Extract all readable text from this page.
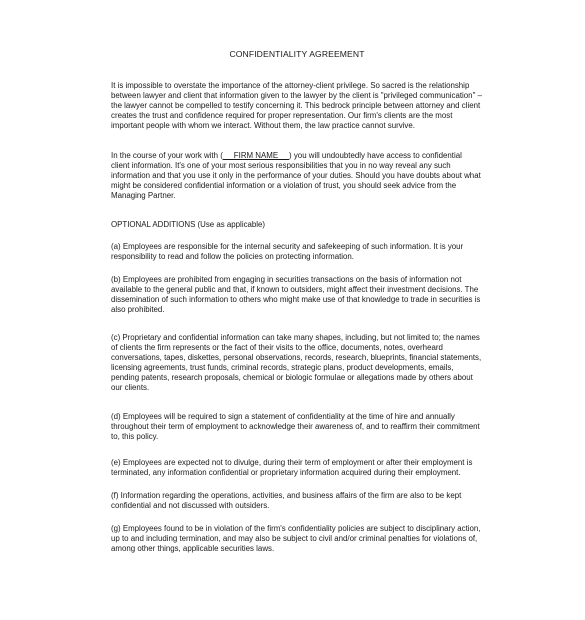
CONFIDENTIALITY AGREEMENT

It is impossible to overstate the importance of the attorney-client privilege. So sacred is the relationship
between lawyer and client that information given to the lawyer by the client is "privileged communication" –
the lawyer cannot be compelled to testify concerning it. This bedrock principle between attorney and client
creates the trust and confidence required for proper representation. Our firm's clients are the most
important people with whom we interact. Without them, the law practice cannot survive.

In the course of your work with (     FIRM NAME     ) you will undoubtedly have access to confidential
client information. It's one of your most serious responsibilities that you in no way reveal any such
information and that you use it only in the performance of your duties. Should you have doubts about what
might be considered confidential information or a violation of trust, you should seek advice from the
Managing Partner.

OPTIONAL ADDITIONS (Use as applicable)

(a) Employees are responsible for the internal security and safekeeping of such information. It is your
responsibility to read and follow the policies on protecting information.

(b) Employees are prohibited from engaging in securities transactions on the basis of information not
available to the general public and that, if known to outsiders, might affect their investment decisions. The
dissemination of such information to others who might make use of that knowledge to trade in securities is
also prohibited.

(c) Proprietary and confidential information can take many shapes, including, but not limited to; the names
of clients the firm represents or the fact of their visits to the office, documents, notes, overheard
conversations, tapes, diskettes, personal observations, records, research, blueprints, financial statements,
licensing agreements, trust funds, criminal records, strategic plans, product developments, emails,
pending patents, research proposals, chemical or biologic formulae or allegations made by others about
our clients.

(d) Employees will be required to sign a statement of confidentiality at the time of hire and annually
throughout their term of employment to acknowledge their awareness of, and to reaffirm their commitment
to, this policy.

(e) Employees are expected not to divulge, during their term of employment or after their employment is
terminated, any information confidential or proprietary information acquired during their employment.

(f) Information regarding the operations, activities, and business affairs of the firm are also to be kept
confidential and not discussed with outsiders.

(g) Employees found to be in violation of the firm's confidentiality policies are subject to disciplinary action,
up to and including termination, and may also be subject to civil and/or criminal penalties for violations of,
among other things, applicable securities laws.
